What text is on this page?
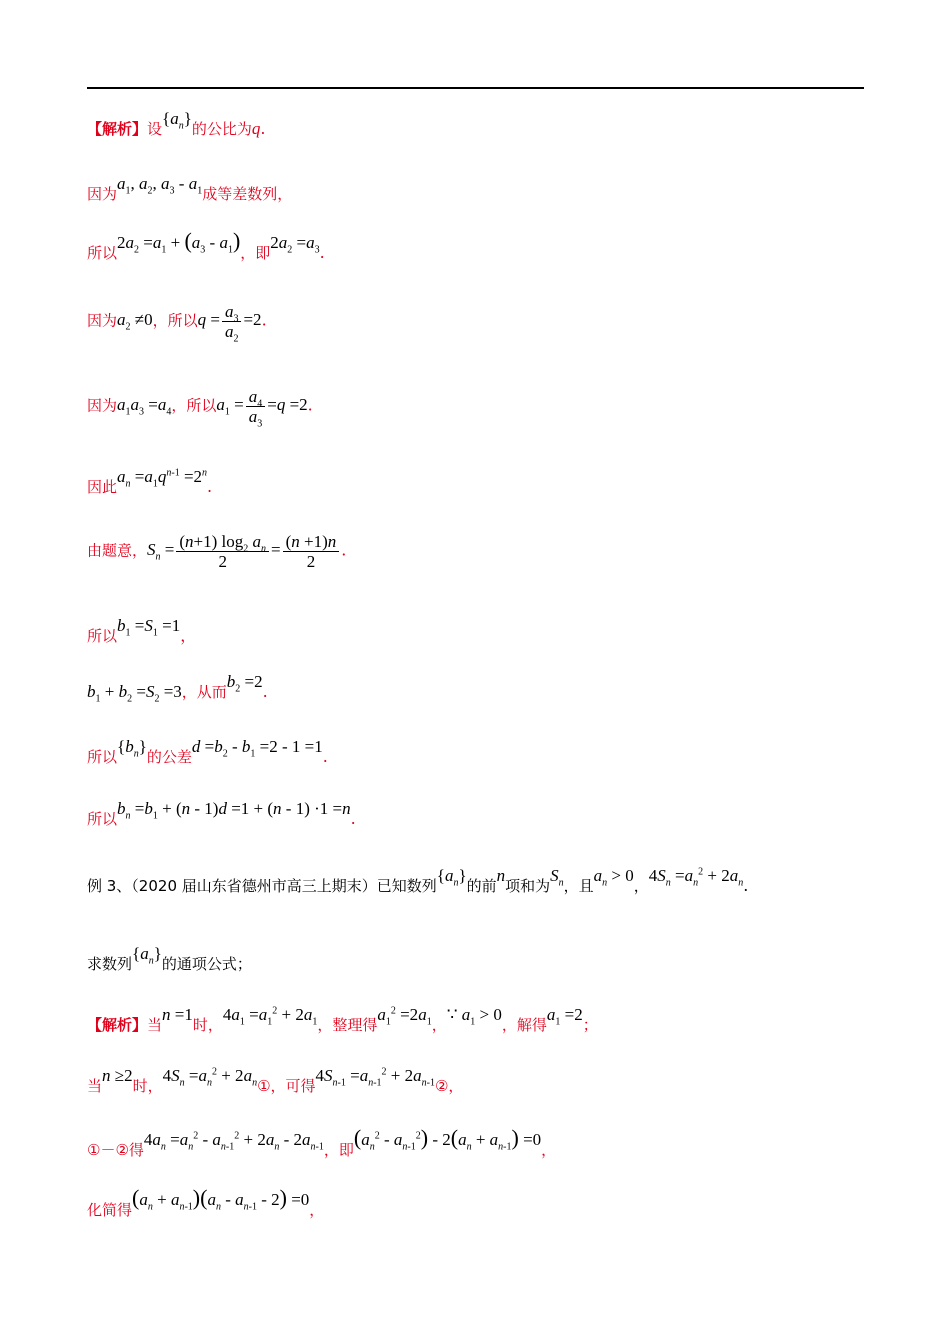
【解析】设$\{a_n\}$的公比为q.
因为$a_1$, $a_2$, $a_3 - a_1$成等差数列，
所以$2a_2 =a_1 + (a_3 - a_1)$，即$2a_2 =a_3$.
因为$a_2 \ne 0$，所以$q = \frac{a_3}{a_2} =2$.
因为$a_1a_3 =a_4$，所以$a_1 = \frac{a_4}{a_3} =q =2$.
因此$a_n =a_1q^{n-1} =2^n$.
由题意，$S_n = \frac{(n+1) \log_2 a_n}{2} = \frac{(n +1)n}{2}$ .
所以$b_1 =S_1 =1$，
$b_1 + b_2 =S_2 =3$，从而$b_2 =2$.
所以$\{b_n\}$的公差$d =b_2 - b_1 =2 - 1 =1$.
所以$b_n =b_1 + (n - 1)d =1 + (n - 1) \cdot 1 =n$.
例 3、（2020 届山东省德州市高三上期末）已知数列$\{a_n\}$的前n项和为$S_n$，且$a_n > 0$，$4S_n =a_n^2 + 2a_n$.
求数列$\{a_n\}$的通项公式；
【解析】当n =1时，$4a_1 =a_1^2 + 2a_1$，整理得$a_1^2 =2a_1$，∵ $a_1 > 0$，解得$a_1 =2$；
当n ≥2时，$4S_n =a_n^2$ + $2a_n①$，可得$4S_{n-1} =a_{n-1}^2$ + $2a_{n-1}②$，
①－②得$4a_n =a_n^2 - a_{n-1}^2 + 2a_n - 2a_{n-1}$，即$(a_n^2 - a_{n-1}^2) - 2(a_n + a_{n-1}) =0$，
化简得$(a_n + a_{n-1})(a_n - a_{n-1} - 2) =0$，
